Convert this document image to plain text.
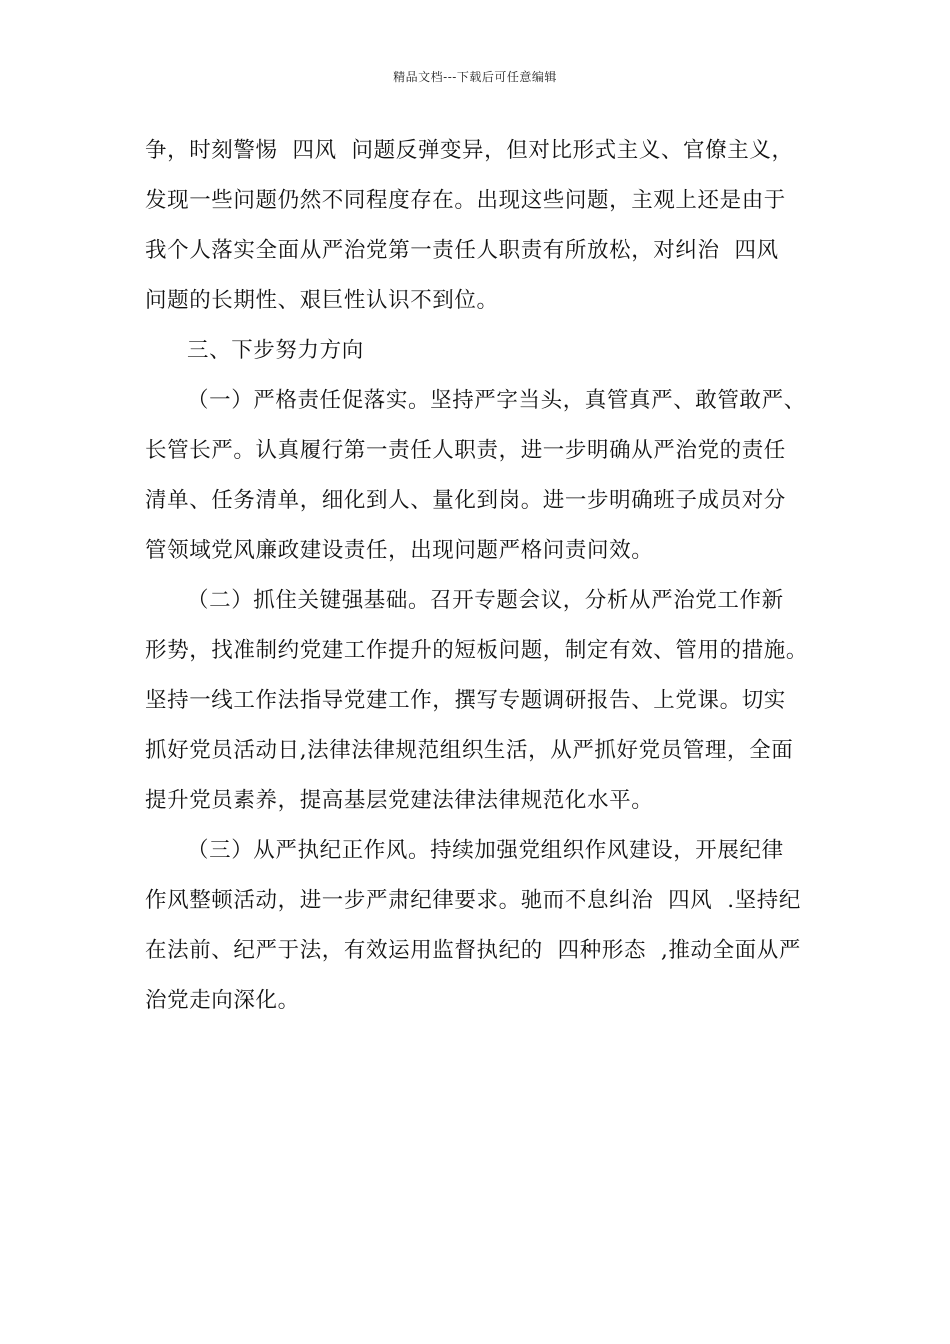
精品文档---下载后可任意编辑
争，时刻警惕  四风  问题反弹变异，但对比形式主义、官僚主义，
发现一些问题仍然不同程度存在。出现这些问题，主观上还是由于
我个人落实全面从严治党第一责任人职责有所放松，对纠治  四风
问题的长期性、艰巨性认识不到位。
三、下步努力方向
（一）严格责任促落实。坚持严字当头，真管真严、敢管敢严、
长管长严。认真履行第一责任人职责，进一步明确从严治党的责任
清单、任务清单，细化到人、量化到岗。进一步明确班子成员对分
管领域党风廉政建设责任，出现问题严格问责问效。
（二）抓住关键强基础。召开专题会议，分析从严治党工作新
形势，找准制约党建工作提升的短板问题，制定有效、管用的措施。
坚持一线工作法指导党建工作，撰写专题调研报告、上党课。切实
抓好党员活动日,法律法律规范组织生活，从严抓好党员管理，全面
提升党员素养，提高基层党建法律法律规范化水平。
（三）从严执纪正作风。持续加强党组织作风建设，开展纪律
作风整顿活动，进一步严肃纪律要求。驰而不息纠治  四风  .坚持纪
在法前、纪严于法，有效运用监督执纪的  四种形态  ,推动全面从严
治党走向深化。
